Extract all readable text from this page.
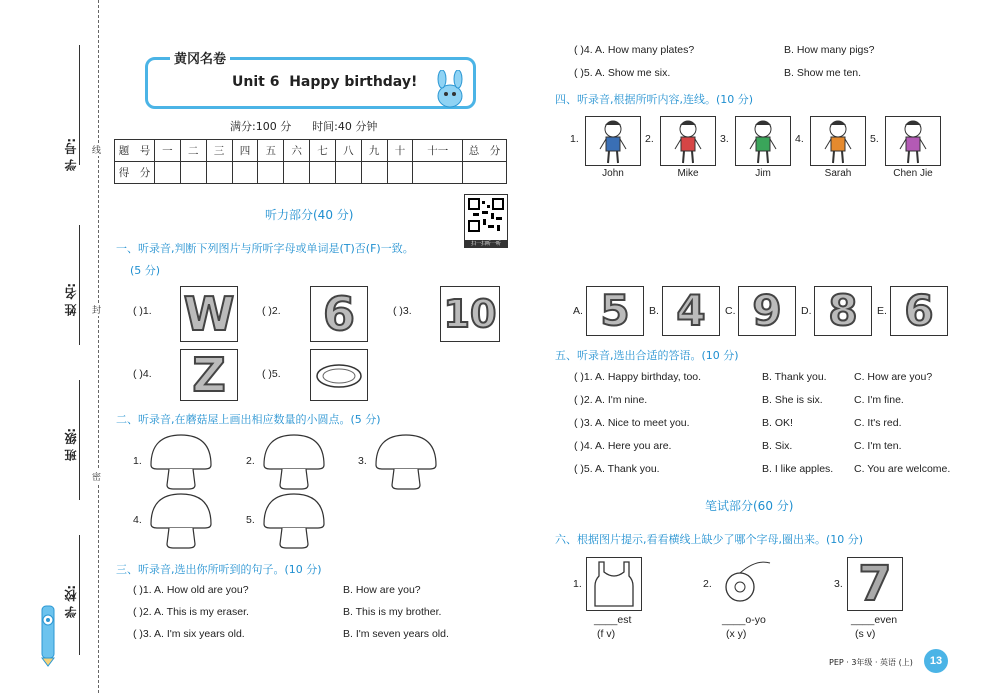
学 号:
姓 名:
班 级:
学 校:
线
封
密
黄冈名卷
Unit 6  Happy birthday!
满分:100 分      时间:40 分钟
题　号	一	二	三	四	五	六	七	八	九	十	十一	总　分
得　分												
扫一扫听一听
听力部分(40 分)
一、听录音,判断下列图片与所听字母或单词是(T)否(F)一致。
(5 分)
( )1. W	( )2. 6	( )3. 10
( )4. Z	( )5.
二、听录音,在蘑菇屋上画出相应数量的小圆点。(5 分)
1.	2.	3.
4.	5.
三、听录音,选出你所听到的句子。(10 分)
( )1. A. How old are you?	B. How are you?
( )2. A. This is my eraser.	B. This is my brother.
( )3. A. I'm six years old.	B. I'm seven years old.
( )4. A. How many plates?	B. How many pigs?
( )5. A. Show me six.	B. Show me ten.
四、听录音,根据所听内容,连线。(10 分)
1.
John
2.
Mike
3.
Jim
4.
Sarah
5.
Chen Jie
A. 5	B. 4	C. 9	D. 8	E. 6
五、听录音,选出合适的答语。(10 分)
( )1. A. Happy birthday, too.	B. Thank you.	C. How are you?
( )2. A. I'm nine.	B. She is six.	C. I'm fine.
( )3. A. Nice to meet you.	B. OK!	C. It's red.
( )4. A. Here you are.	B. Six.	C. I'm ten.
( )5. A. Thank you.	B. I like apples. C. You are welcome.
笔试部分(60 分)
六、根据图片提示,看看横线上缺少了哪个字母,圈出来。(10 分)
1.
____est
(f v)
2.
____o-yo
(x y)
3. 7
____even
(s v)
PEP · 3年级 · 英语 (上)	13
